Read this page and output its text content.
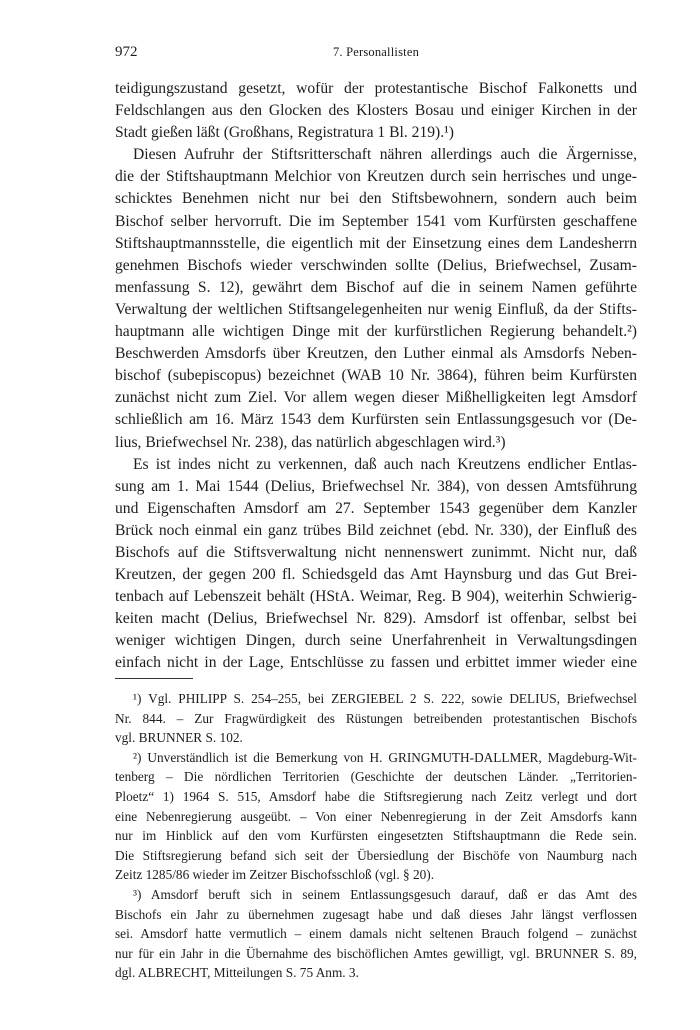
972	7. Personallisten
teidigungszustand gesetzt, wofür der protestantische Bischof Falkonetts und
Feldschlangen aus den Glocken des Klosters Bosau und einiger Kirchen in der
Stadt gießen läßt (Großhans, Registratura 1 Bl. 219).¹)
Diesen Aufruhr der Stiftsritterschaft nähren allerdings auch die Ärgernisse,
die der Stiftshauptmann Melchior von Kreutzen durch sein herrisches und unge-
schicktes Benehmen nicht nur bei den Stiftsbewohnern, sondern auch beim
Bischof selber hervorruft. Die im September 1541 vom Kurfürsten geschaffene
Stiftshauptmannsstelle, die eigentlich mit der Einsetzung eines dem Landesherrn
genehmen Bischofs wieder verschwinden sollte (Delius, Briefwechsel, Zusam-
menfassung S. 12), gewährt dem Bischof auf die in seinem Namen geführte
Verwaltung der weltlichen Stiftsangelegenheiten nur wenig Einfluß, da der Stifts-
hauptmann alle wichtigen Dinge mit der kurfürstlichen Regierung behandelt.²)
Beschwerden Amsdorfs über Kreutzen, den Luther einmal als Amsdorfs Neben-
bischof (subepiscopus) bezeichnet (WAB 10 Nr. 3864), führen beim Kurfürsten
zunächst nicht zum Ziel. Vor allem wegen dieser Mißhelligkeiten legt Amsdorf
schließlich am 16. März 1543 dem Kurfürsten sein Entlassungsgesuch vor (De-
lius, Briefwechsel Nr. 238), das natürlich abgeschlagen wird.³)
Es ist indes nicht zu verkennen, daß auch nach Kreutzens endlicher Entlas-
sung am 1. Mai 1544 (Delius, Briefwechsel Nr. 384), von dessen Amtsführung
und Eigenschaften Amsdorf am 27. September 1543 gegenüber dem Kanzler
Brück noch einmal ein ganz trübes Bild zeichnet (ebd. Nr. 330), der Einfluß des
Bischofs auf die Stiftsverwaltung nicht nennenswert zunimmt. Nicht nur, daß
Kreutzen, der gegen 200 fl. Schiedsgeld das Amt Haynsburg und das Gut Brei-
tenbach auf Lebenszeit behält (HStA. Weimar, Reg. B 904), weiterhin Schwierig-
keiten macht (Delius, Briefwechsel Nr. 829). Amsdorf ist offenbar, selbst bei
weniger wichtigen Dingen, durch seine Unerfahrenheit in Verwaltungsdingen
einfach nicht in der Lage, Entschlüsse zu fassen und erbittet immer wieder eine
¹) Vgl. PHILIPP S. 254–255, bei ZERGIEBEL 2 S. 222, sowie DELIUS, Briefwechsel
Nr. 844. – Zur Fragwürdigkeit des Rüstungen betreibenden protestantischen Bischofs
vgl. BRUNNER S. 102.
²) Unverständlich ist die Bemerkung von H. GRINGMUTH-DALLMER, Magdeburg-Wit-
tenberg – Die nördlichen Territorien (Geschichte der deutschen Länder. „Territorien-
Ploetz“ 1) 1964 S. 515, Amsdorf habe die Stiftsregierung nach Zeitz verlegt und dort
eine Nebenregierung ausgeübt. – Von einer Nebenregierung in der Zeit Amsdorfs kann
nur im Hinblick auf den vom Kurfürsten eingesetzten Stiftshauptmann die Rede sein.
Die Stiftsregierung befand sich seit der Übersiedlung der Bischöfe von Naumburg nach
Zeitz 1285/86 wieder im Zeitzer Bischofsschloß (vgl. § 20).
³) Amsdorf beruft sich in seinem Entlassungsgesuch darauf, daß er das Amt des
Bischofs ein Jahr zu übernehmen zugesagt habe und daß dieses Jahr längst verflossen
sei. Amsdorf hatte vermutlich – einem damals nicht seltenen Brauch folgend – zunächst
nur für ein Jahr in die Übernahme des bischöflichen Amtes gewilligt, vgl. BRUNNER S. 89,
dgl. ALBRECHT, Mitteilungen S. 75 Anm. 3.
